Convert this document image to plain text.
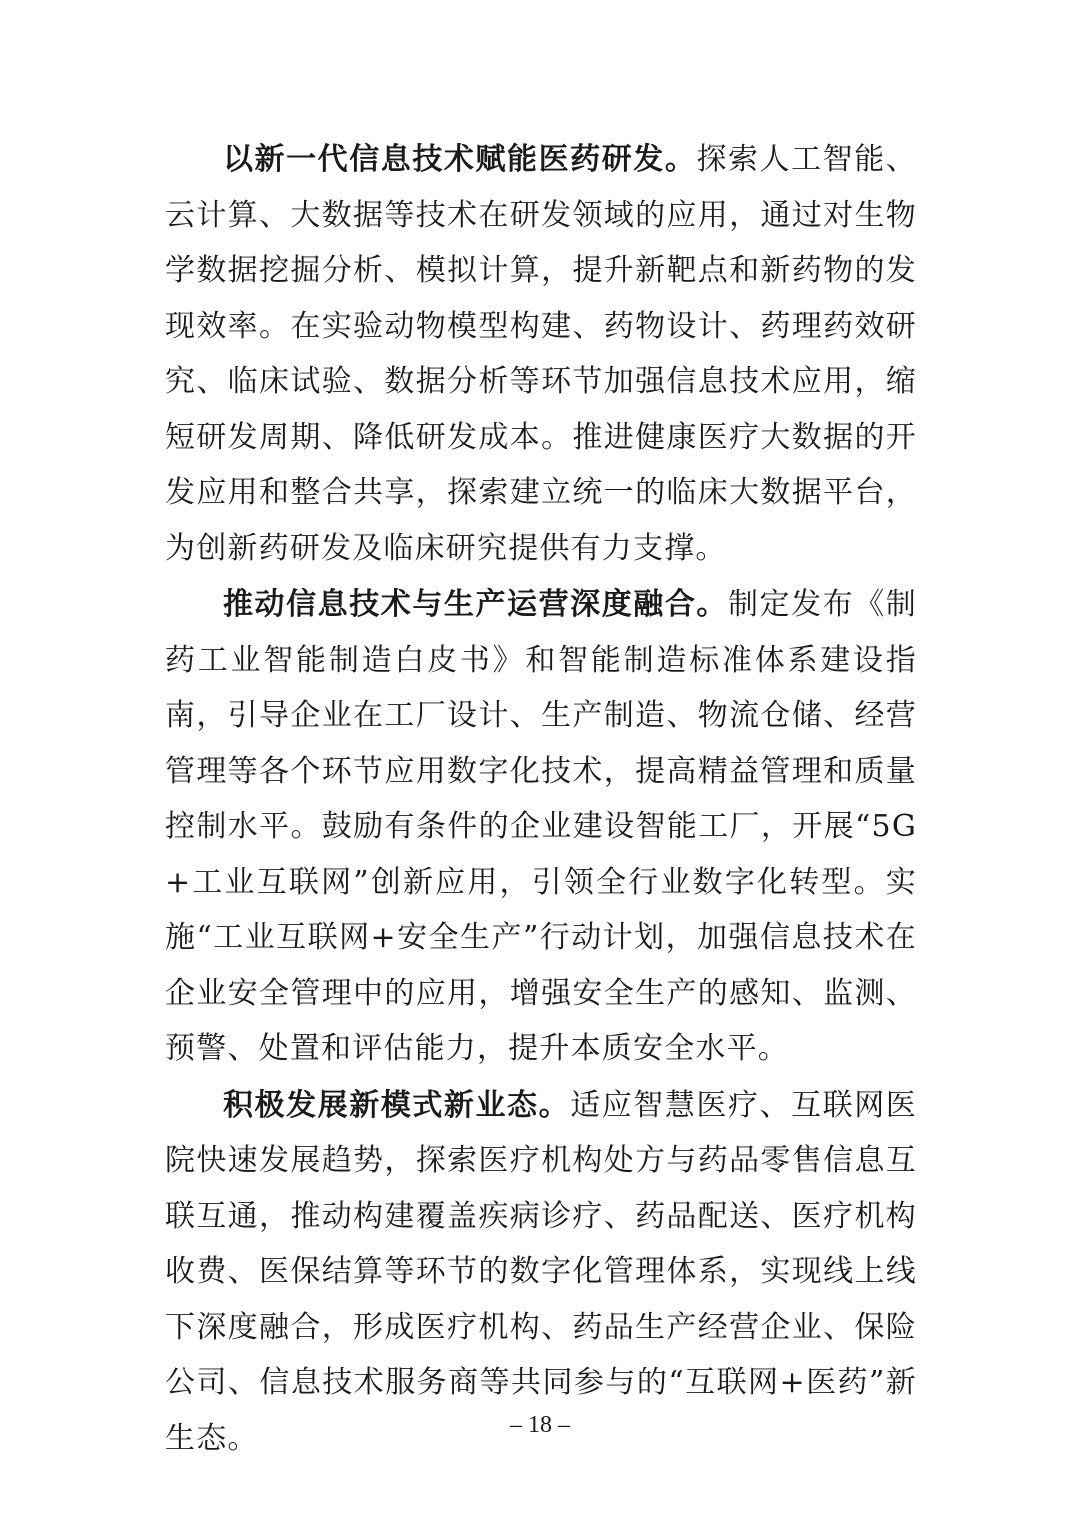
以新一代信息技术赋能医药研发。探索人工智能、云计算、大数据等技术在研发领域的应用，通过对生物学数据挖掘分析、模拟计算，提升新靶点和新药物的发现效率。在实验动物模型构建、药物设计、药理药效研究、临床试验、数据分析等环节加强信息技术应用，缩短研发周期、降低研发成本。推进健康医疗大数据的开发应用和整合共享，探索建立统一的临床大数据平台，为创新药研发及临床研究提供有力支撑。

推动信息技术与生产运营深度融合。制定发布《制药工业智能制造白皮书》和智能制造标准体系建设指南，引导企业在工厂设计、生产制造、物流仓储、经营管理等各个环节应用数字化技术，提高精益管理和质量控制水平。鼓励有条件的企业建设智能工厂，开展“5G+工业互联网”创新应用，引领全行业数字化转型。实施“工业互联网+安全生产”行动计划，加强信息技术在企业安全管理中的应用，增强安全生产的感知、监测、预警、处置和评估能力，提升本质安全水平。

积极发展新模式新业态。适应智慧医疗、互联网医院快速发展趋势，探索医疗机构处方与药品零售信息互联互通，推动构建覆盖疾病诊疗、药品配送、医疗机构收费、医保结算等环节的数字化管理体系，实现线上线下深度融合，形成医疗机构、药品生产经营企业、保险公司、信息技术服务商等共同参与的“互联网+医药”新生态。	– 18 –
